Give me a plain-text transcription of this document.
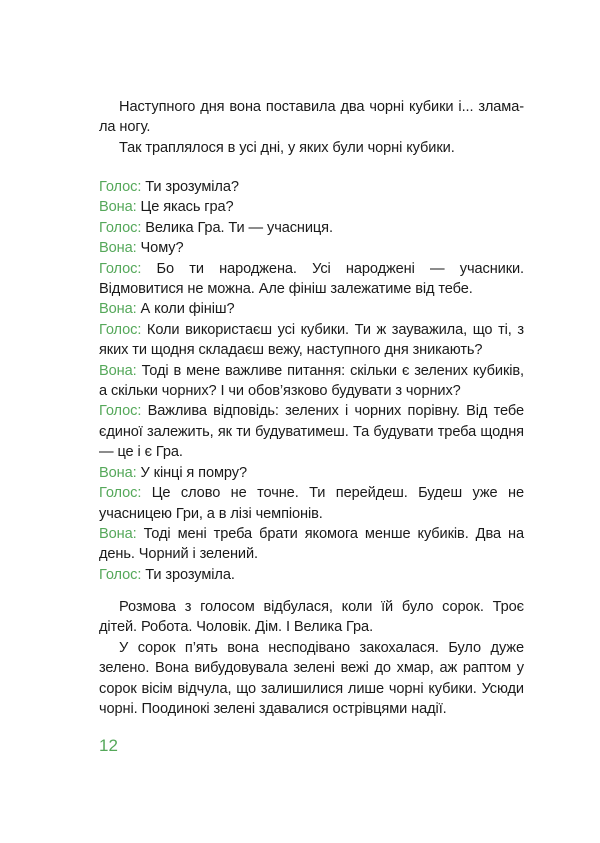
Наступного дня вона поставила два чорні кубики і... злама-

ла ногу.

Так траплялося в усі дні, у яких були чорні кубики.

Голос: Ти зрозуміла?

Вона: Це якась гра?

Голос: Велика Гра. Ти — учасниця.

Вона: Чому?

Голос: Бо ти народжена. Усі народжені — учасники. Відмовитися не можна. Але фініш залежатиме від тебе.

Вона: А коли фініш?

Голос: Коли використаєш усі кубики. Ти ж зауважила, що ті, з яких ти щодня складаєш вежу, наступного дня зникають?

Вона: Тоді в мене важливе питання: скільки є зелених кубиків, а скільки чорних? І чи обов’язково будувати з чорних?

Голос: Важлива відповідь: зелених і чорних порівну. Від тебе єдиної залежить, як ти будуватимеш. Та будувати треба щодня — це і є Гра.

Вона: У кінці я помру?

Голос: Це слово не точне. Ти перейдеш. Будеш уже не учасницею Гри, а в лізі чемпіонів.

Вона: Тоді мені треба брати якомога менше кубиків. Два на день. Чорний і зелений.

Голос: Ти зрозуміла.

Розмова з голосом відбулася, коли їй було сорок. Троє дітей. Робота. Чоловік. Дім. І Велика Гра.

У сорок п’ять вона несподівано закохалася. Було дуже зелено. Вона вибудовувала зелені вежі до хмар, аж раптом у сорок вісім відчула, що залишилися лише чорні кубики. Усюди чорні. Поодинокі зелені здавалися острівцями надії.

12
